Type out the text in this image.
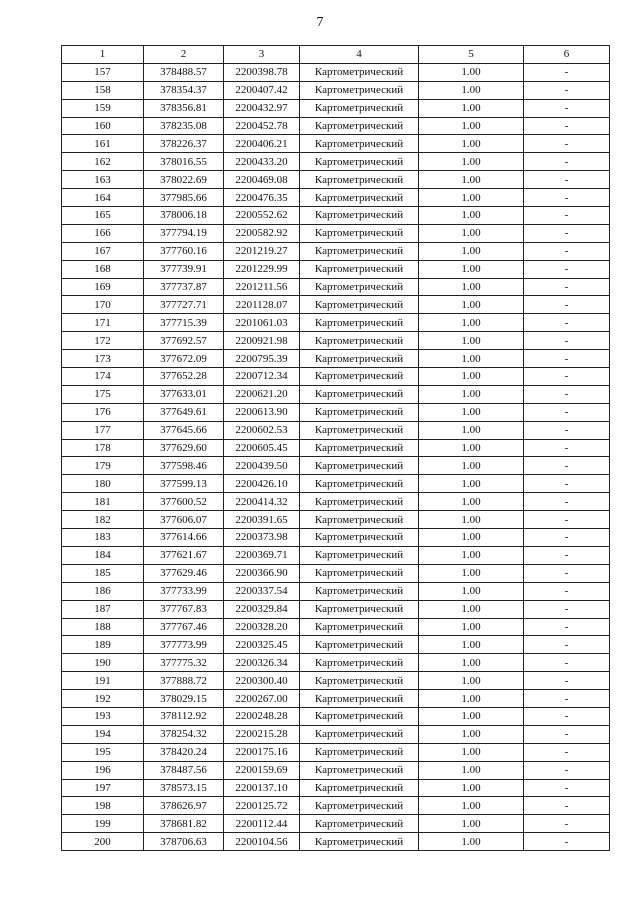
7
1	2	3	4	5	6
157	378488.57	2200398.78	Картометрический	1.00	-
158	378354.37	2200407.42	Картометрический	1.00	-
159	378356.81	2200432.97	Картометрический	1.00	-
160	378235.08	2200452.78	Картометрический	1.00	-
161	378226.37	2200406.21	Картометрический	1.00	-
162	378016.55	2200433.20	Картометрический	1.00	-
163	378022.69	2200469.08	Картометрический	1.00	-
164	377985.66	2200476.35	Картометрический	1.00	-
165	378006.18	2200552.62	Картометрический	1.00	-
166	377794.19	2200582.92	Картометрический	1.00	-
167	377760.16	2201219.27	Картометрический	1.00	-
168	377739.91	2201229.99	Картометрический	1.00	-
169	377737.87	2201211.56	Картометрический	1.00	-
170	377727.71	2201128.07	Картометрический	1.00	-
171	377715.39	2201061.03	Картометрический	1.00	-
172	377692.57	2200921.98	Картометрический	1.00	-
173	377672.09	2200795.39	Картометрический	1.00	-
174	377652.28	2200712.34	Картометрический	1.00	-
175	377633.01	2200621.20	Картометрический	1.00	-
176	377649.61	2200613.90	Картометрический	1.00	-
177	377645.66	2200602.53	Картометрический	1.00	-
178	377629.60	2200605.45	Картометрический	1.00	-
179	377598.46	2200439.50	Картометрический	1.00	-
180	377599.13	2200426.10	Картометрический	1.00	-
181	377600.52	2200414.32	Картометрический	1.00	-
182	377606.07	2200391.65	Картометрический	1.00	-
183	377614.66	2200373.98	Картометрический	1.00	-
184	377621.67	2200369.71	Картометрический	1.00	-
185	377629.46	2200366.90	Картометрический	1.00	-
186	377733.99	2200337.54	Картометрический	1.00	-
187	377767.83	2200329.84	Картометрический	1.00	-
188	377767.46	2200328.20	Картометрический	1.00	-
189	377773.99	2200325.45	Картометрический	1.00	-
190	377775.32	2200326.34	Картометрический	1.00	-
191	377888.72	2200300.40	Картометрический	1.00	-
192	378029.15	2200267.00	Картометрический	1.00	-
193	378112.92	2200248.28	Картометрический	1.00	-
194	378254.32	2200215.28	Картометрический	1.00	-
195	378420.24	2200175.16	Картометрический	1.00	-
196	378487.56	2200159.69	Картометрический	1.00	-
197	378573.15	2200137.10	Картометрический	1.00	-
198	378626.97	2200125.72	Картометрический	1.00	-
199	378681.82	2200112.44	Картометрический	1.00	-
200	378706.63	2200104.56	Картометрический	1.00	-
